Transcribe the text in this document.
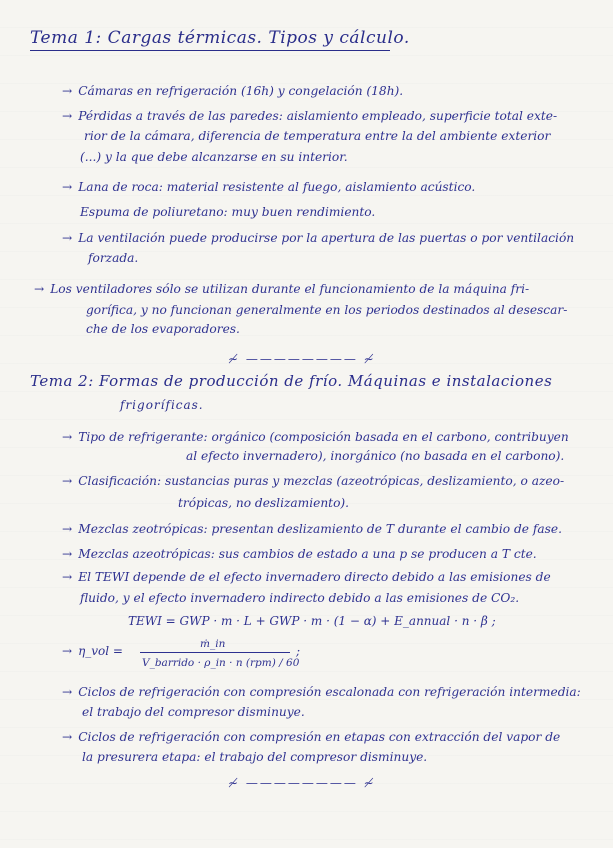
Tema 1: Cargas térmicas. Tipos y cálculo.
→ Cámaras en refrigeración (16h) y congelación (18h).
→ Pérdidas a través de las paredes: aislamiento empleado, superficie total exte-
rior de la cámara, diferencia de temperatura entre la del ambiente exterior
(...) y la que debe alcanzarse en su interior.
→ Lana de roca: material resistente al fuego, aislamiento acústico.
Espuma de poliuretano: muy buen rendimiento.
→ La ventilación puede producirse por la apertura de las puertas o por ventilación
forzada.
→ Los ventiladores sólo se utilizan durante el funcionamiento de la máquina fri-
gorífica, y no funcionan generalmente en los periodos destinados al desescar-
che de los evaporadores.
≁ ———————— ≁
Tema 2: Formas de producción de frío. Máquinas e instalaciones
frigoríficas.
→ Tipo de refrigerante: orgánico (composición basada en el carbono, contribuyen
al efecto invernadero), inorgánico (no basada en el carbono).
→ Clasificación: sustancias puras y mezclas (azeotrópicas, deslizamiento, o azeo-
trópicas, no deslizamiento).
→ Mezclas zeotrópicas: presentan deslizamiento de T durante el cambio de fase.
→ Mezclas azeotrópicas: sus cambios de estado a una p se producen a T cte.
→ El TEWI depende de el efecto invernadero directo debido a las emisiones de
fluido, y el efecto invernadero indirecto debido a las emisiones de CO₂.
TEWI = GWP · m · L + GWP · m · (1 − α) + E_annual · n · β ;
→ η_vol =	ṁ_in
V_barrido · ρ_in · n (rpm) / 60
;
→ Ciclos de refrigeración con compresión escalonada con refrigeración intermedia:
el trabajo del compresor disminuye.
→ Ciclos de refrigeración con compresión en etapas con extracción del vapor de
la presurera etapa: el trabajo del compresor disminuye.
≁ ———————— ≁
